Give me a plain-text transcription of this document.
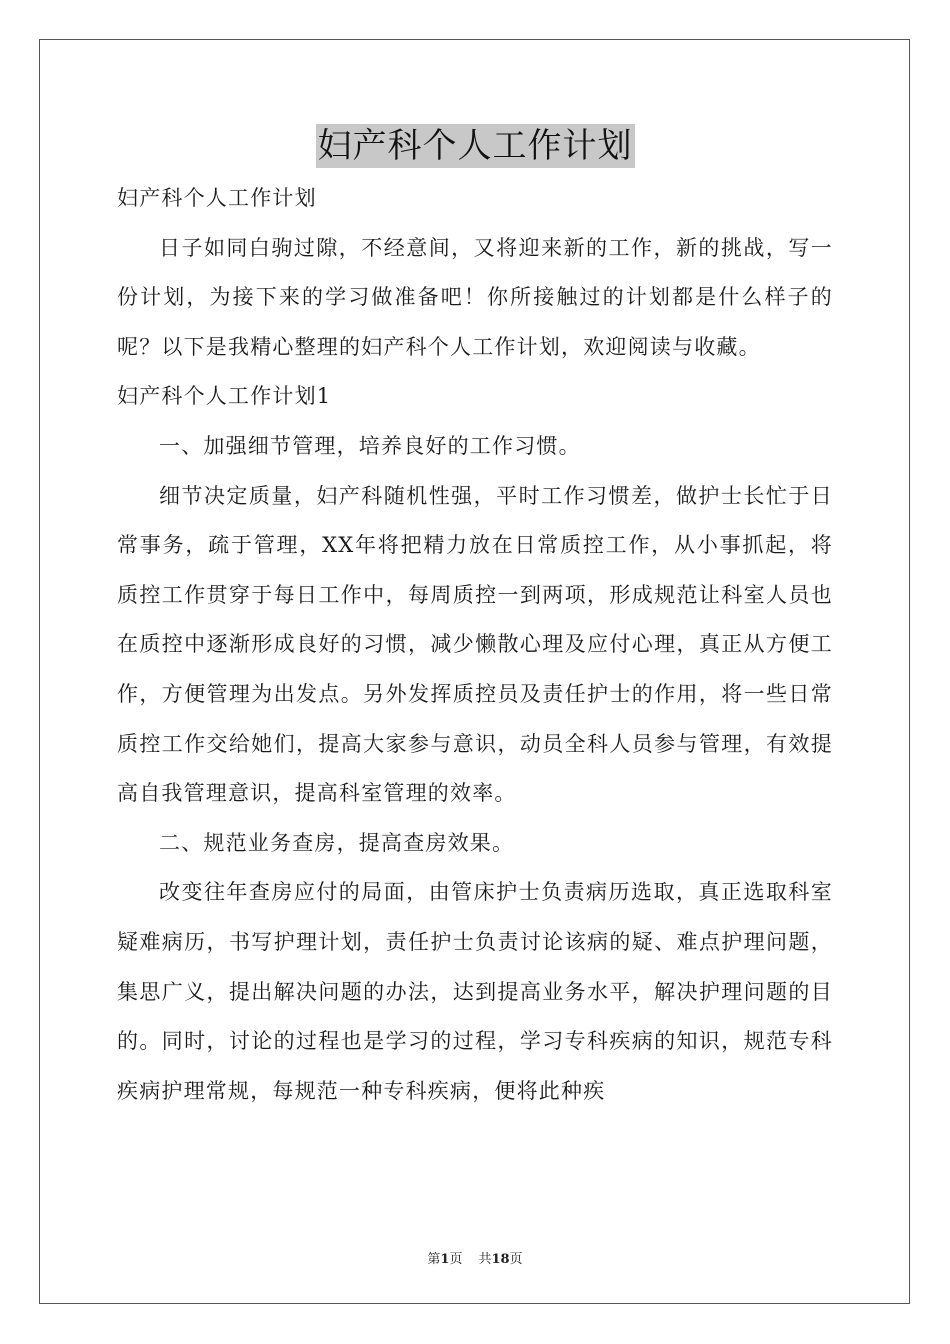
妇产科个人工作计划

妇产科个人工作计划

日子如同白驹过隙，不经意间，又将迎来新的工作，新的挑战，写一份计划，为接下来的学习做准备吧！你所接触过的计划都是什么样子的呢？以下是我精心整理的妇产科个人工作计划，欢迎阅读与收藏。

妇产科个人工作计划1

一、加强细节管理，培养良好的工作习惯。

细节决定质量，妇产科随机性强，平时工作习惯差，做护士长忙于日常事务，疏于管理，XX年将把精力放在日常质控工作，从小事抓起，将质控工作贯穿于每日工作中，每周质控一到两项，形成规范让科室人员也在质控中逐渐形成良好的习惯，减少懒散心理及应付心理，真正从方便工作，方便管理为出发点。另外发挥质控员及责任护士的作用，将一些日常质控工作交给她们，提高大家参与意识，动员全科人员参与管理，有效提高自我管理意识，提高科室管理的效率。

二、规范业务查房，提高查房效果。

改变往年查房应付的局面，由管床护士负责病历选取，真正选取科室疑难病历，书写护理计划，责任护士负责讨论该病的疑、难点护理问题，集思广义，提出解决问题的办法，达到提高业务水平，解决护理问题的目的。同时，讨论的过程也是学习的过程，学习专科疾病的知识，规范专科疾病护理常规，每规范一种专科疾病，便将此种疾

第1页 共18页
